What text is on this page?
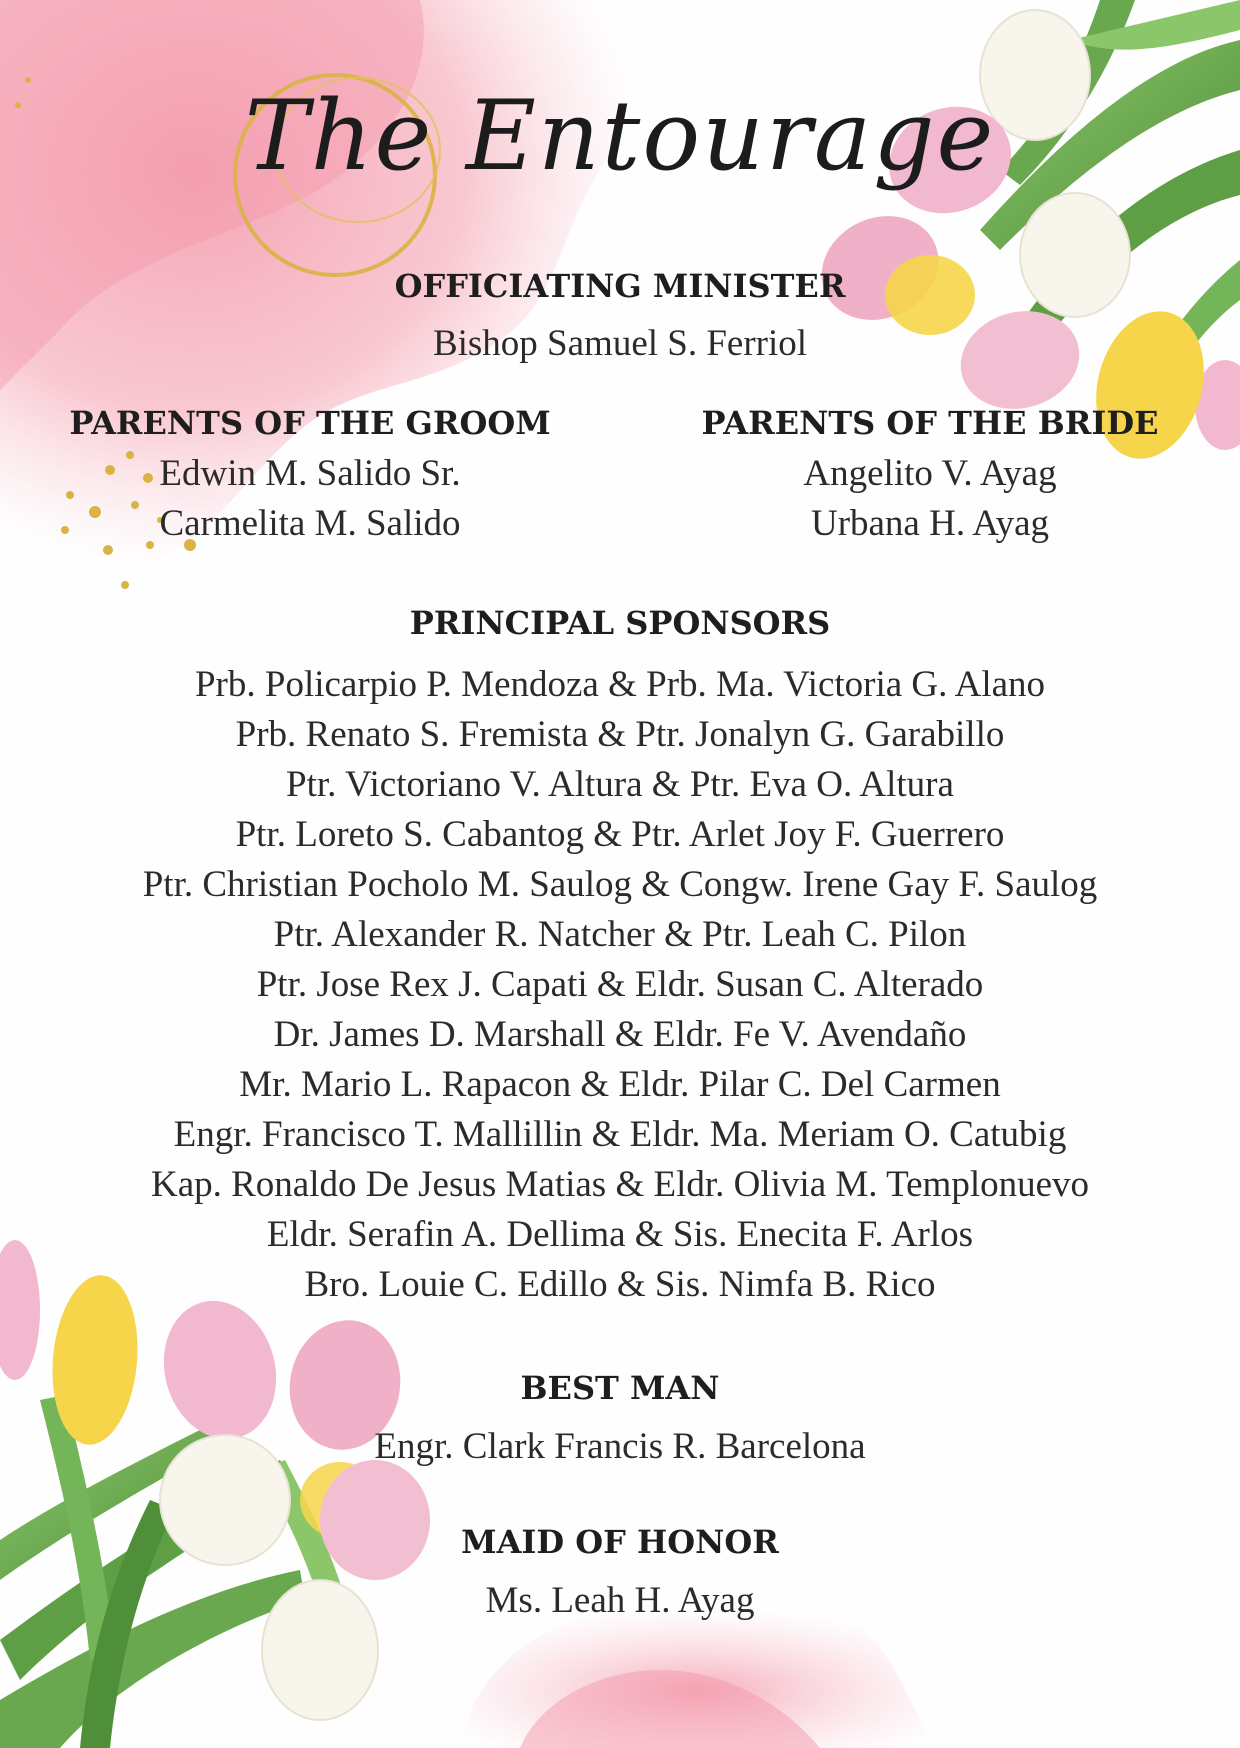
The Entourage
OFFICIATING MINISTER
Bishop Samuel S. Ferriol
PARENTS OF THE GROOM
Edwin M. Salido Sr.
Carmelita M. Salido
PARENTS OF THE BRIDE
Angelito V. Ayag
Urbana H. Ayag
PRINCIPAL SPONSORS
Prb. Policarpio P. Mendoza & Prb. Ma. Victoria G. Alano
Prb. Renato S. Fremista & Ptr. Jonalyn G. Garabillo
Ptr. Victoriano V. Altura & Ptr. Eva O. Altura
Ptr. Loreto S. Cabantog & Ptr. Arlet Joy F. Guerrero
Ptr. Christian Pocholo M. Saulog & Congw. Irene Gay F. Saulog
Ptr. Alexander R. Natcher & Ptr. Leah C. Pilon
Ptr. Jose Rex J. Capati & Eldr. Susan C. Alterado
Dr. James D. Marshall & Eldr. Fe V. Avendaño
Mr. Mario L. Rapacon & Eldr. Pilar C. Del Carmen
Engr. Francisco T. Mallillin & Eldr. Ma. Meriam O. Catubig
Kap. Ronaldo De Jesus Matias & Eldr. Olivia M. Templonuevo
Eldr. Serafin A. Dellima & Sis. Enecita F. Arlos
Bro. Louie C. Edillo & Sis. Nimfa B. Rico
BEST MAN
Engr. Clark Francis R. Barcelona
MAID OF HONOR
Ms. Leah H. Ayag
